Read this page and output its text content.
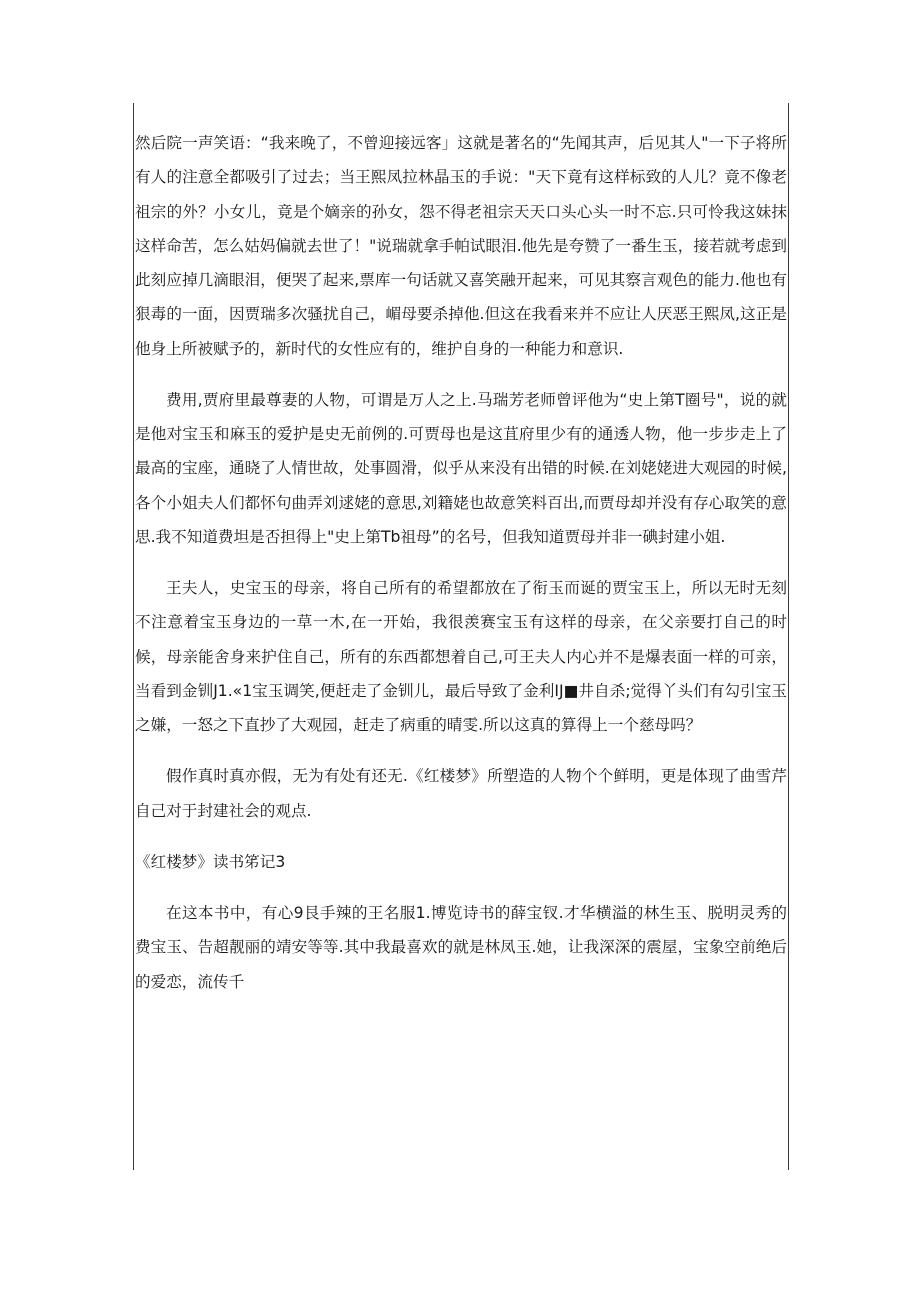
然后院一声笑语：“我来晚了，不曾迎接远客」这就是著名的“先闻其声，后见其人"一下子将所有人的注意全都吸引了过去；当王熙凤拉林晶玉的手说："天下竟有这样标致的人儿？竟不像老祖宗的外？小女儿，竟是个嫡亲的孙女，怨不得老祖宗天天口头心头一时不忘.只可怜我这妹抹这样命苦，怎么姑妈偏就去世了！"说瑞就拿手帕试眼泪.他先是夸赞了一番生玉，接若就考虑到此刻应掉几滴眼泪，便哭了起来,票库一句话就又喜笑融开起来，可见其察言观色的能力.他也有狠毒的一面，因贾瑞多次骚扰自己，嵋母要杀掉他.但这在我看来并不应让人厌恶王熙凤,这正是他身上所被赋予的，新时代的女性应有的，维护自身的一种能力和意识.

费用,贾府里最尊妻的人物，可谓是万人之上.马瑞芳老师曾评他为“史上第T圈号"，说的就是他对宝玉和麻玉的爱护是史无前例的.可贾母也是这苴府里少有的通透人物，他一步步走上了最高的宝座，通晓了人情世故，处事圆滑，似乎从来没有出错的时候.在刘姥姥进大观园的时候,各个小姐夫人们都怀句曲弄刘逑姥的意思,刘籍姥也故意笑料百出,而贾母却并没有存心取笑的意思.我不知道费坦是否担得上"史上第Tb祖母”的名号，但我知道贾母并非一碘封建小姐.

王夫人，史宝玉的母亲，将自己所有的希望都放在了衔玉而诞的贾宝玉上，所以无时无刻不注意着宝玉身边的一草一木,在一开始，我很羡赛宝玉有这样的母亲，在父亲要打自己的时候，母亲能舍身来护住自己，所有的东西都想着自己,可王夫人内心并不是爆表面一样的可亲，当看到金钏J1.«1宝玉调笑,便赶走了金钏儿，最后导致了金利IJ■井自杀;觉得丫头们有勾引宝玉之嫌，一怒之下直抄了大观园，赶走了病重的晴雯.所以这真的算得上一个慈母吗？

假作真时真亦假，无为有处有还无.《红楼梦》所塑造的人物个个鲜明，更是体现了曲雪芹自己对于封建社会的观点.

《红楼梦》读书笫记3

在这本书中，有心9艮手辣的王名服1.博览诗书的薛宝钗.才华横溢的林生玉、脱明灵秀的费宝玉、告超靓丽的靖安等等.其中我最喜欢的就是林凤玉.她，让我深深的震屋，宝象空前绝后的爱恋，流传千
